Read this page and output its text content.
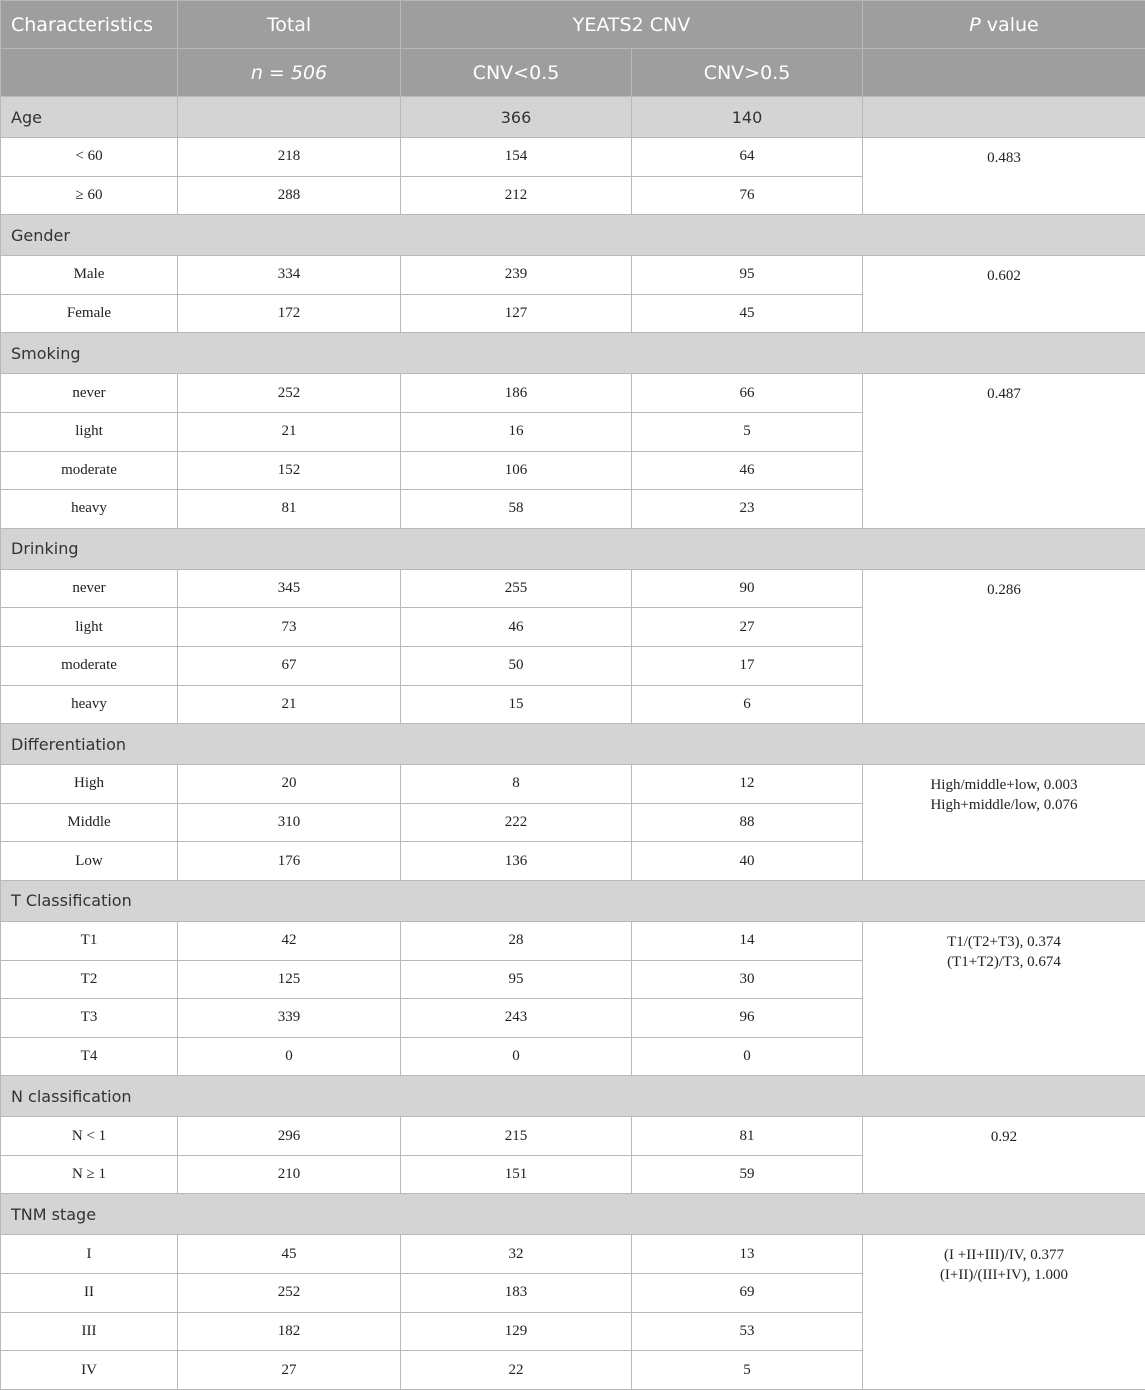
Characteristics	Total	YEATS2 CNV		P value
	n = 506	CNV<0.5	CNV>0.5	
Age		366	140	
< 60	218	154	64	0.483

≥ 60	288	212	76	
Gender				
Male	334	239	95	0.602

Female	172	127	45	
Smoking				
never	252	186	66	0.487

light	21	16	5	
moderate	152	106	46	
heavy	81	58	23	
Drinking				
never	345	255	90	0.286

light	73	46	27	
moderate	67	50	17	
heavy	21	15	6	
Differentiation				
High	20	8	12	High/middle+low, 0.003
High+middle/low, 0.076

Middle	310	222	88	
Low	176	136	40	
T Classification				
T1	42	28	14	T1/(T2+T3), 0.374
(T1+T2)/T3, 0.674

T2	125	95	30	
T3	339	243	96	
T4	0	0	0	
N classification				
N < 1	296	215	81	0.92

N ≥ 1	210	151	59	
TNM stage				
I	45	32	13	(I +II+III)/IV, 0.377
(I+II)/(III+IV), 1.000

II	252	183	69	
III	182	129	53	
IV	27	22	5	
